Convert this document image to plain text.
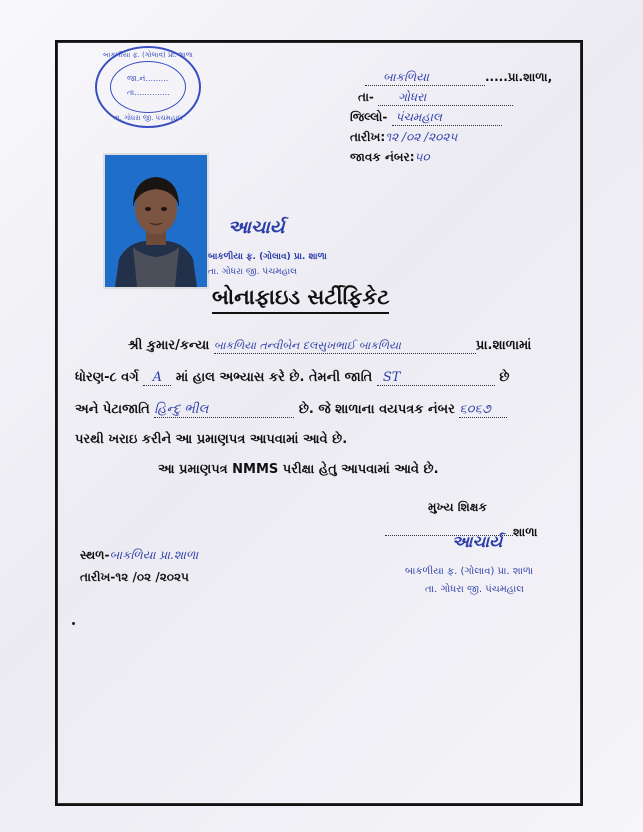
બાકળીયા ફ. (ગોલાવ) પ્રા. શાળા
તા. ગોધરા જી. પંચમહાલ
જા.નં.........
તા..............
બાકળિયા	.....પ્રા.શાળા,
તા- ગોધરા
જિલ્લો- પંચમહાલ
તારીખ:૧૨ /૦૨ /૨૦૨૫
જાવક નંબર:૫૦
આચાર્ય
બાકળીયા ફ. (ગોલાવ) પ્રા. શાળા
તા. ગોધરા જી. પંચમહાલ
બોનાફાઇડ સર્ટીફિકેટ
શ્રી કુમાર/કન્યા બાકળિયા તન્વીબેન દલસુખભાઈ બાકળિયા	પ્રા.શાળામાં
ધોરણ-૮ વર્ગ A માં હાલ અભ્યાસ કરે છે. તેમની જાતિ ST	છે
અને પેટાજાતિ હિન્દુ ભીલ	છે. જે શાળાના વયપત્રક નંબર ૬૦૬૭
પરથી ખરાઇ કરીને આ પ્રમાણપત્ર આપવામાં આવે છે.
આ પ્રમાણપત્ર NMMS પરીક્ષા હેતુ આપવામાં આવે છે.
મુખ્ય શિક્ષક
શાળા
આચાર્ય
બાકળીયા ફ. (ગોલાવ) પ્રા. શાળા
તા. ગોધરા જી. પંચમહાલ
સ્થળ-બાકળિયા પ્રા.શાળા
તારીખ-૧૨ /૦૨ /૨૦૨૫
